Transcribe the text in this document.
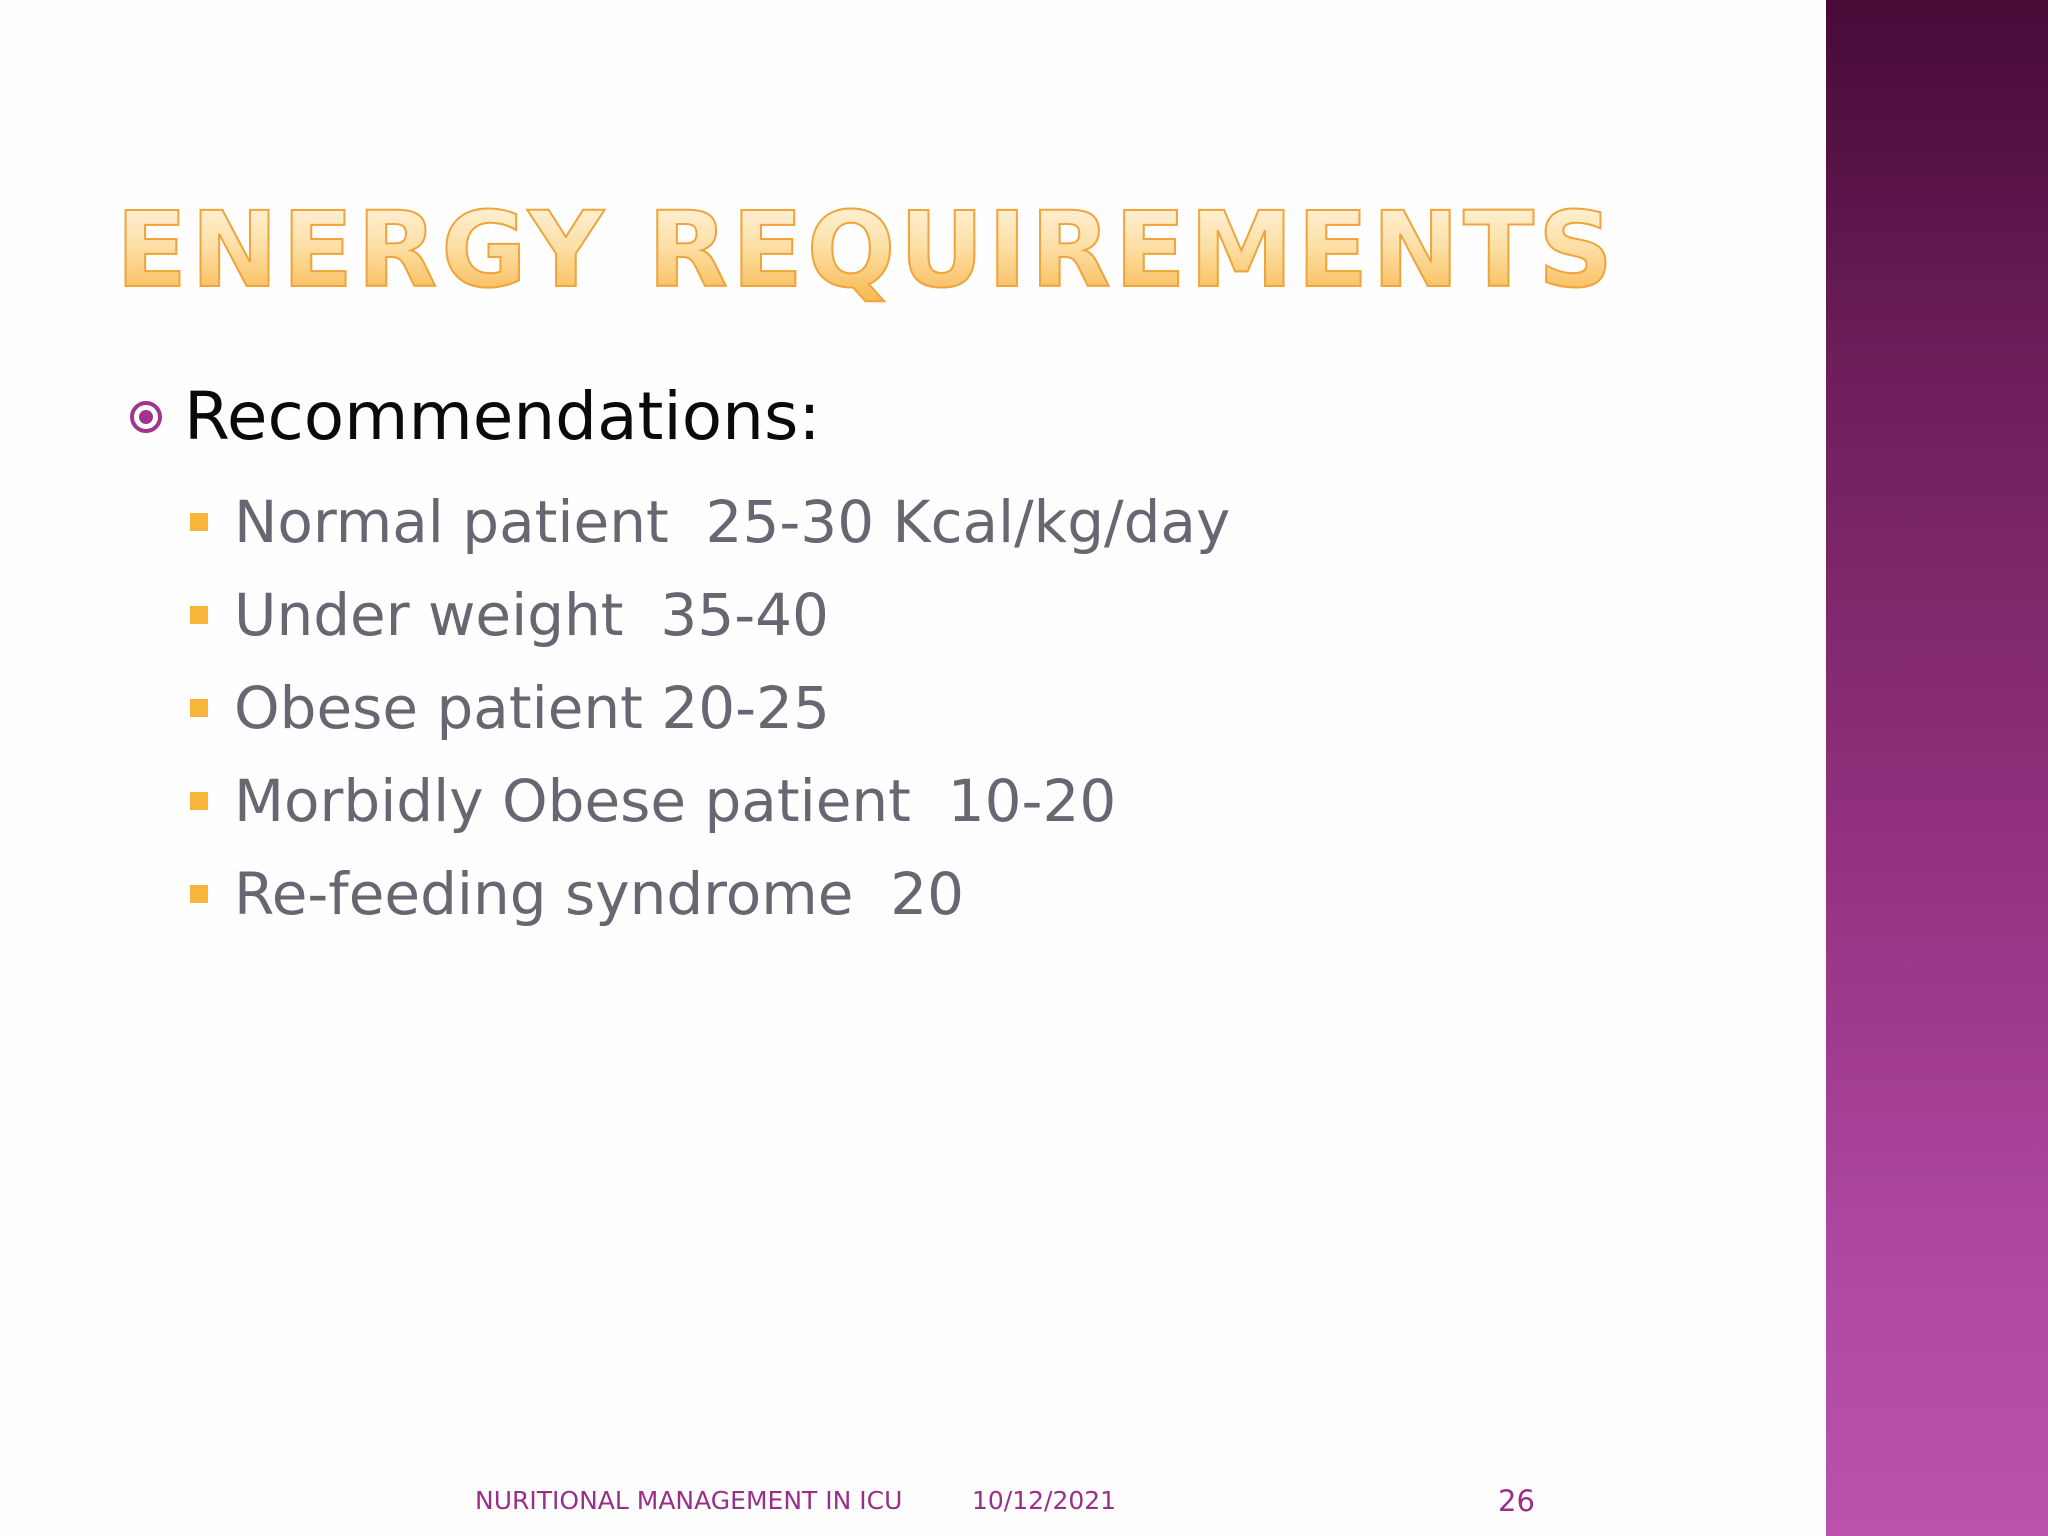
ENERGY REQUIREMENTS
Recommendations:
Normal patient  25-30 Kcal/kg/day
Under weight  35-40
Obese patient 20-25
Morbidly Obese patient  10-20
Re-feeding syndrome  20
NURITIONAL MANAGEMENT IN ICU	10/12/2021	26
